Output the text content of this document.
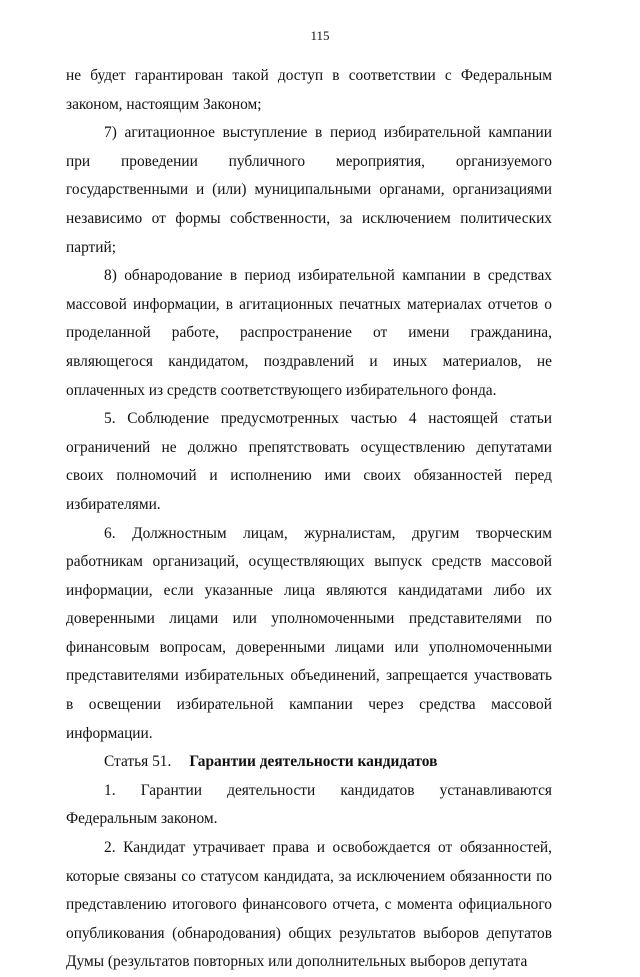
115

не будет гарантирован такой доступ в соответствии с Федеральным законом, настоящим Законом;

7) агитационное выступление в период избирательной кампании при проведении публичного мероприятия, организуемого государственными и (или) муниципальными органами, организациями независимо от формы собственности, за исключением политических партий;

8) обнародование в период избирательной кампании в средствах массовой информации, в агитационных печатных материалах отчетов о проделанной работе, распространение от имени гражданина, являющегося кандидатом, поздравлений и иных материалов, не оплаченных из средств соответствующего избирательного фонда.

5. Соблюдение предусмотренных частью 4 настоящей статьи ограничений не должно препятствовать осуществлению депутатами своих полномочий и исполнению ими своих обязанностей перед избирателями.

6. Должностным лицам, журналистам, другим творческим работникам организаций, осуществляющих выпуск средств массовой информации, если указанные лица являются кандидатами либо их доверенными лицами или уполномоченными представителями по финансовым вопросам, доверенными лицами или уполномоченными представителями избирательных объединений, запрещается участвовать в освещении избирательной кампании через средства массовой информации.

Статья 51. Гарантии деятельности кандидатов

1. Гарантии деятельности кандидатов устанавливаются Федеральным законом.

2. Кандидат утрачивает права и освобождается от обязанностей, которые связаны со статусом кандидата, за исключением обязанности по представлению итогового финансового отчета, с момента официального опубликования (обнародования) общих результатов выборов депутатов Думы (результатов повторных или дополнительных выборов депутата
